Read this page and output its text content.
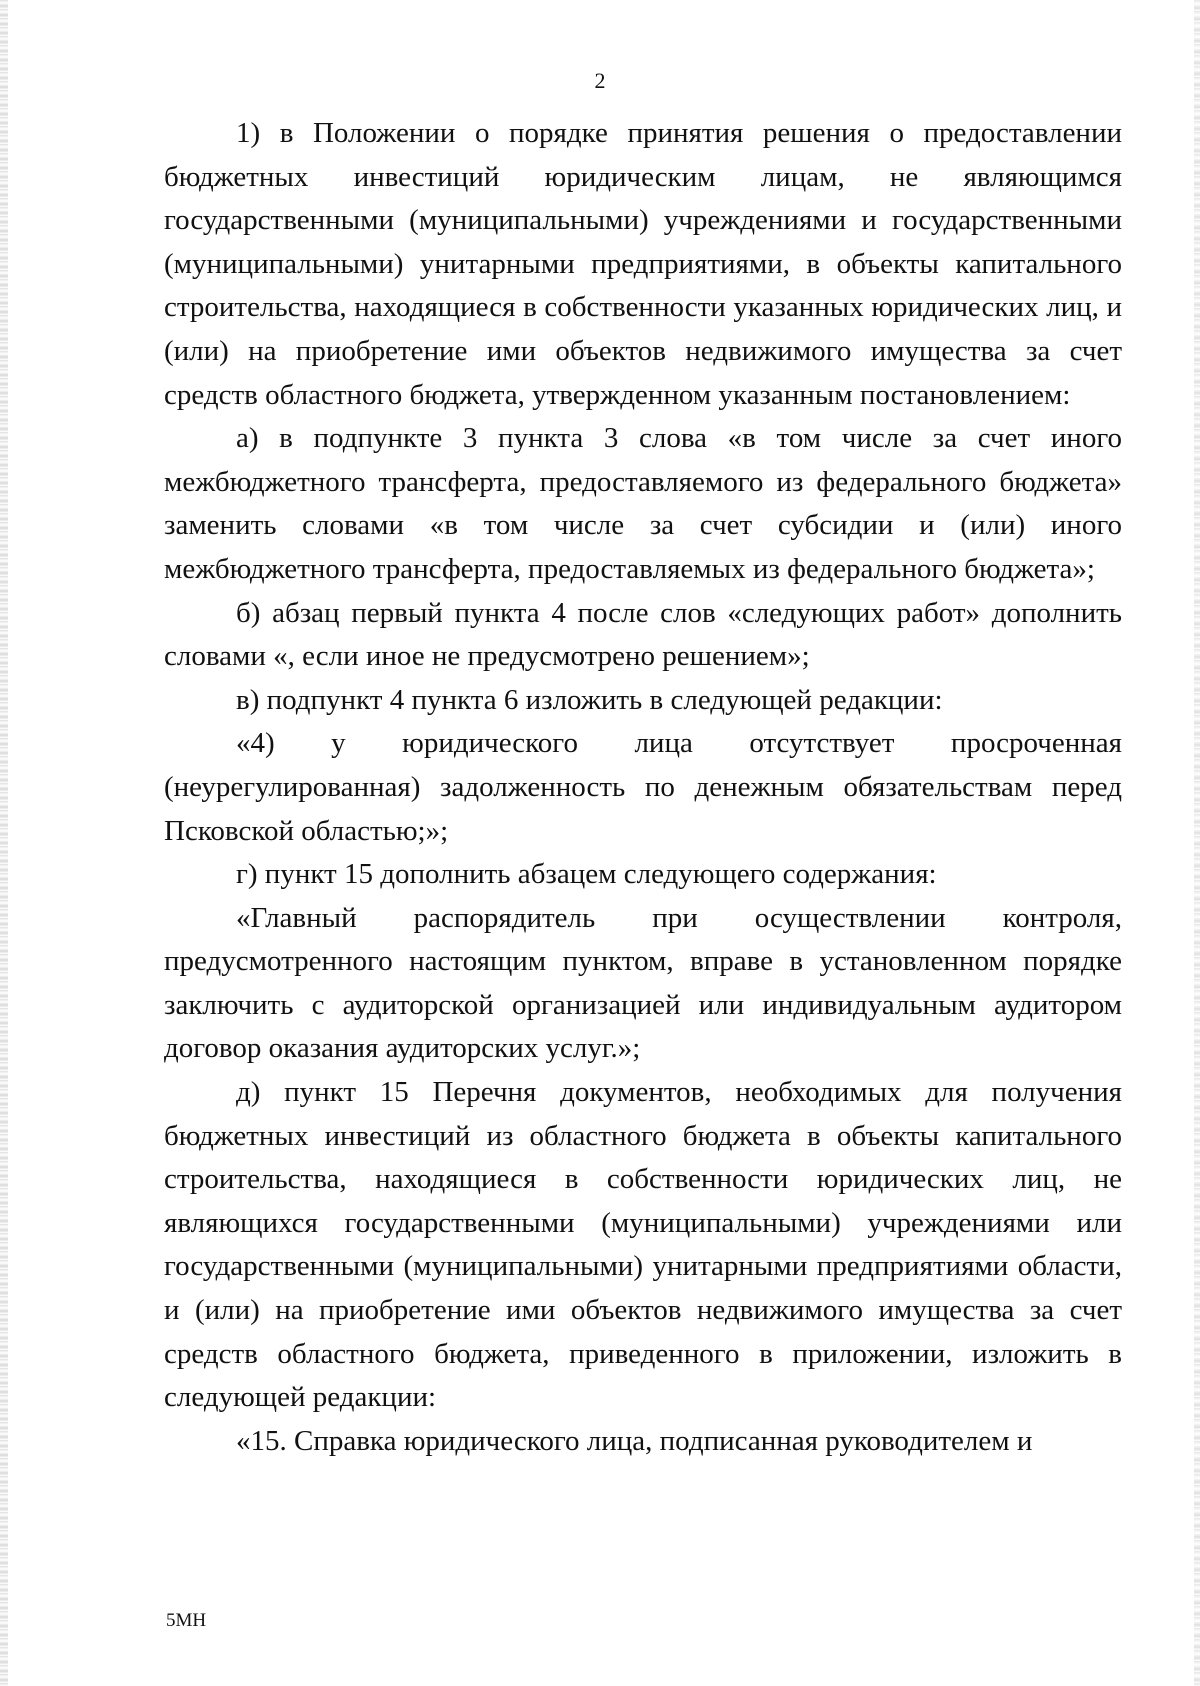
2

1) в Положении о порядке принятия решения о предоставлении бюджетных инвестиций юридическим лицам, не являющимся государственными (муниципальными) учреждениями и государственными (муниципальными) унитарными предприятиями, в объекты капитального строительства, находящиеся в собственности указанных юридических лиц, и (или) на приобретение ими объектов недвижимого имущества за счет средств областного бюджета, утвержденном указанным постановлением:

а) в подпункте 3 пункта 3 слова «в том числе за счет иного межбюджетного трансферта, предоставляемого из федерального бюджета» заменить словами «в том числе за счет субсидии и (или) иного межбюджетного трансферта, предоставляемых из федерального бюджета»;

б) абзац первый пункта 4 после слов «следующих работ» дополнить словами «, если иное не предусмотрено решением»;

в) подпункт 4 пункта 6 изложить в следующей редакции:

«4) у юридического лица отсутствует просроченная (неурегулированная) задолженность по денежным обязательствам перед Псковской областью;»;

г) пункт 15 дополнить абзацем следующего содержания:

«Главный распорядитель при осуществлении контроля, предусмотренного настоящим пунктом, вправе в установленном порядке заключить с аудиторской организацией или индивидуальным аудитором договор оказания аудиторских услуг.»;

д) пункт 15 Перечня документов, необходимых для получения бюджетных инвестиций из областного бюджета в объекты капитального строительства, находящиеся в собственности юридических лиц, не являющихся государственными (муниципальными) учреждениями или государственными (муниципальными) унитарными предприятиями области, и (или) на приобретение ими объектов недвижимого имущества за счет средств областного бюджета, приведенного в приложении, изложить в следующей редакции:

«15. Справка юридического лица, подписанная руководителем и

5МН
